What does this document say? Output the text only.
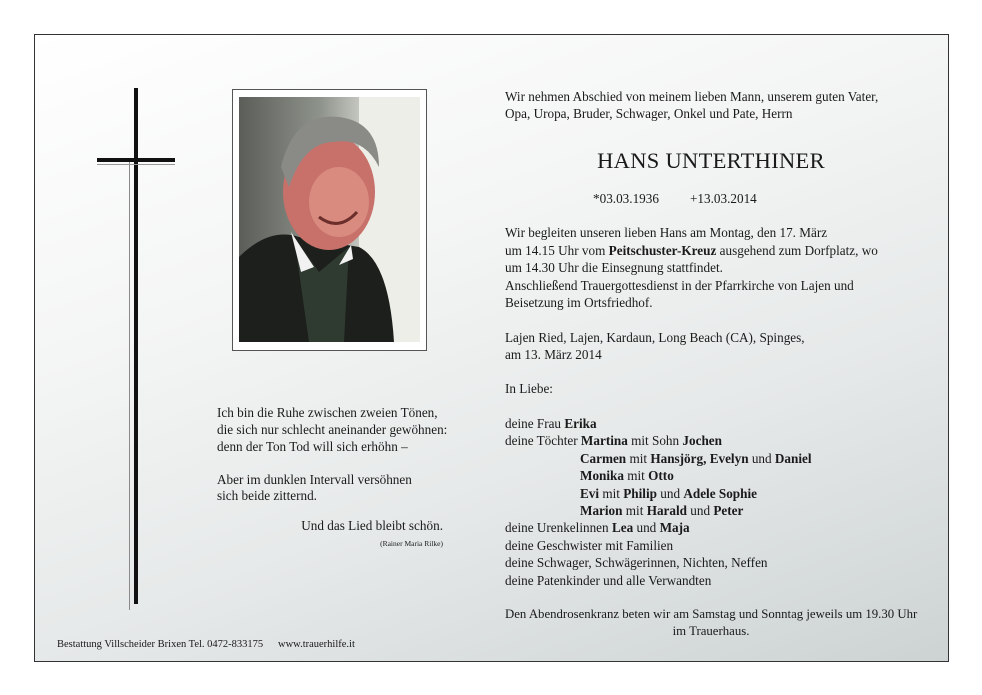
Wir nehmen Abschied von meinem lieben Mann, unserem guten Vater,
Opa, Uropa, Bruder, Schwager, Onkel und Pate, Herrn
HANS UNTERTHINER
*03.03.1936 +13.03.2014
Wir begleiten unseren lieben Hans am Montag, den 17. März
um 14.15 Uhr vom Peitschuster-Kreuz ausgehend zum Dorfplatz, wo
um 14.30 Uhr die Einsegnung stattfindet.
Anschließend Trauergottesdienst in der Pfarrkirche von Lajen und
Beisetzung im Ortsfriedhof.
Lajen Ried, Lajen, Kardaun, Long Beach (CA), Spinges,
am 13. März 2014
In Liebe:
deine Frau Erika
deine Töchter Martina mit Sohn Jochen
Carmen mit Hansjörg, Evelyn und Daniel
Monika mit Otto
Evi mit Philip und Adele Sophie
Marion mit Harald und Peter
deine Urenkelinnen Lea und Maja
deine Geschwister mit Familien
deine Schwager, Schwägerinnen, Nichten, Neffen
deine Patenkinder und alle Verwandten
Den Abendrosenkranz beten wir am Samstag und Sonntag jeweils um 19.30 Uhr
im Trauerhaus.
Ich bin die Ruhe zwischen zweien Tönen,
die sich nur schlecht aneinander gewöhnen:
denn der Ton Tod will sich erhöhn –
Aber im dunklen Intervall versöhnen
sich beide zitternd.
Und das Lied bleibt schön.
(Rainer Maria Rilke)
Bestattung Villscheider Brixen Tel. 0472-833175 www.trauerhilfe.it
